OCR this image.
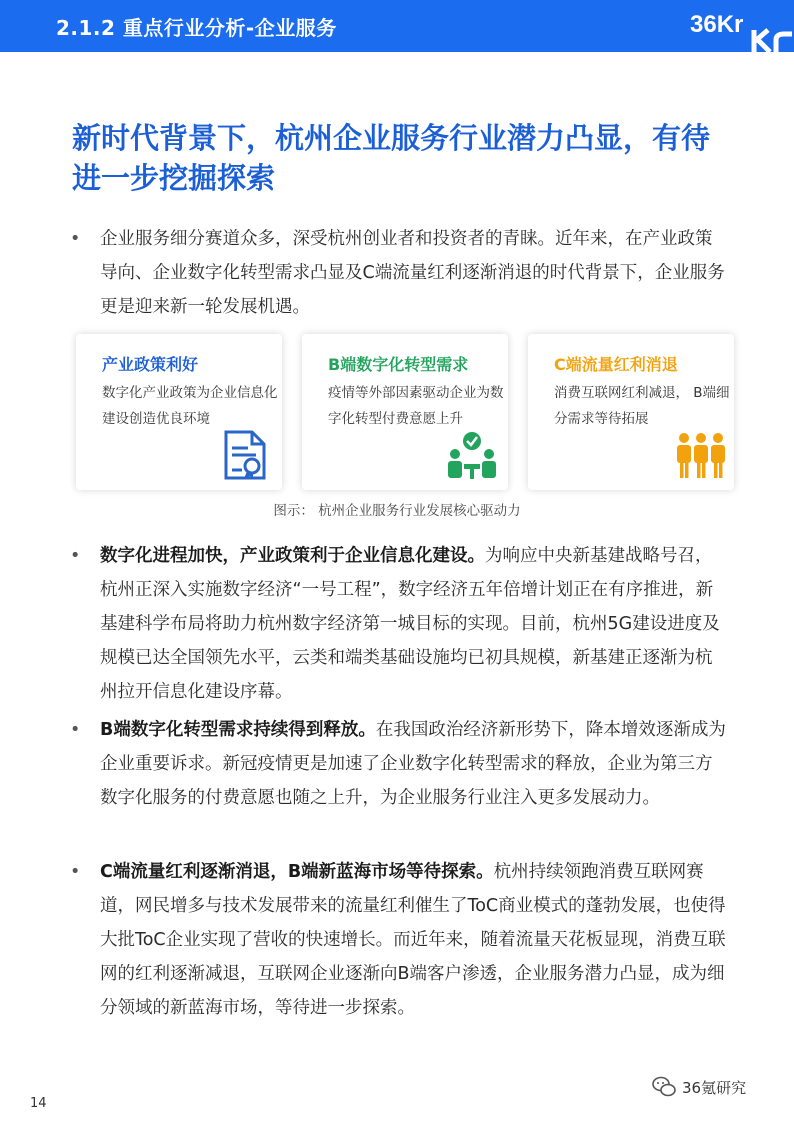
2.1.2 重点行业分析-企业服务	36Kr
新时代背景下，杭州企业服务行业潜力凸显，有待进一步挖掘探索
• 企业服务细分赛道众多，深受杭州创业者和投资者的青睐。近年来，在产业政策导向、企业数字化转型需求凸显及C端流量红利逐渐消退的时代背景下，企业服务更是迎来新一轮发展机遇。
产业政策利好
数字化产业政策为企业信息化建设创造优良环境
B端数字化转型需求
疫情等外部因素驱动企业为数字化转型付费意愿上升
C端流量红利消退
消费互联网红利减退， B端细分需求等待拓展
图示： 杭州企业服务行业发展核心驱动力
• 数字化进程加快，产业政策利于企业信息化建设。为响应中央新基建战略号召，杭州正深入实施数字经济“一号工程”，数字经济五年倍增计划正在有序推进，新基建科学布局将助力杭州数字经济第一城目标的实现。目前，杭州5G建设进度及规模已达全国领先水平，云类和端类基础设施均已初具规模，新基建正逐渐为杭州拉开信息化建设序幕。
• B端数字化转型需求持续得到释放。在我国政治经济新形势下，降本增效逐渐成为企业重要诉求。新冠疫情更是加速了企业数字化转型需求的释放，企业为第三方数字化服务的付费意愿也随之上升，为企业服务行业注入更多发展动力。
• C端流量红利逐渐消退，B端新蓝海市场等待探索。杭州持续领跑消费互联网赛道，网民增多与技术发展带来的流量红利催生了ToC商业模式的蓬勃发展，也使得大批ToC企业实现了营收的快速增长。而近年来，随着流量天花板显现，消费互联网的红利逐渐减退，互联网企业逐渐向B端客户渗透，企业服务潜力凸显，成为细分领域的新蓝海市场，等待进一步探索。
14
36氪研究
